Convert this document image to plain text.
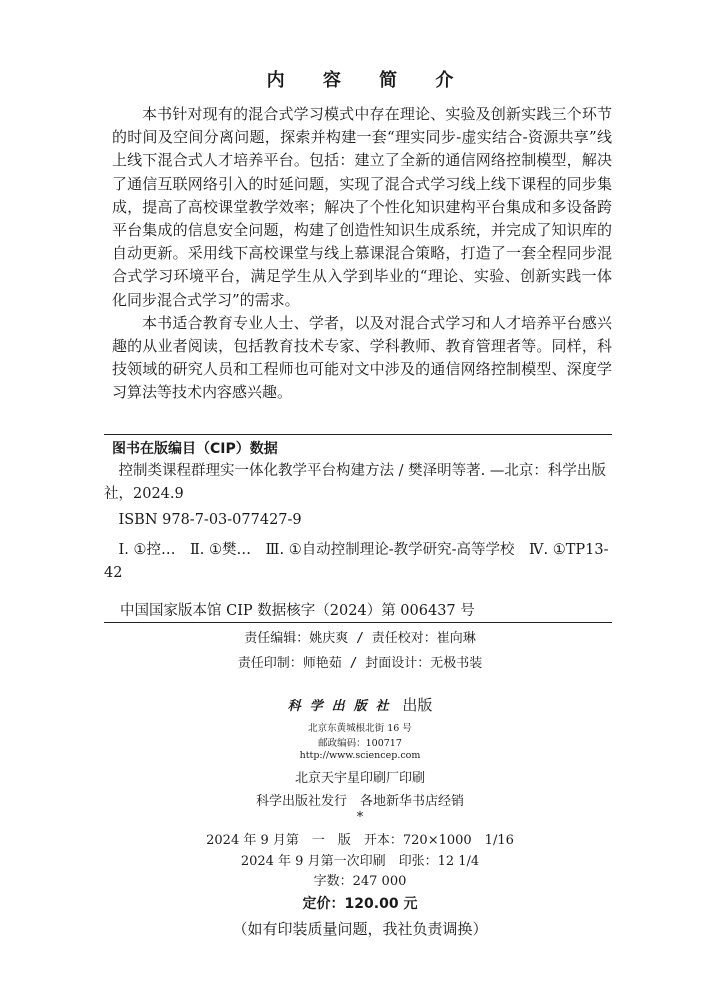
内 容 简 介

本书针对现有的混合式学习模式中存在理论、实验及创新实践三个环节的时间及空间分离问题，探索并构建一套“理实同步-虚实结合-资源共享”线上线下混合式人才培养平台。包括：建立了全新的通信网络控制模型，解决了通信互联网络引入的时延问题，实现了混合式学习线上线下课程的同步集成，提高了高校课堂教学效率；解决了个性化知识建构平台集成和多设备跨平台集成的信息安全问题，构建了创造性知识生成系统，并完成了知识库的自动更新。采用线下高校课堂与线上慕课混合策略，打造了一套全程同步混合式学习环境平台，满足学生从入学到毕业的“理论、实验、创新实践一体化同步混合式学习”的需求。

本书适合教育专业人士、学者，以及对混合式学习和人才培养平台感兴趣的从业者阅读，包括教育技术专家、学科教师、教育管理者等。同样，科技领域的研究人员和工程师也可能对文中涉及的通信网络控制模型、深度学习算法等技术内容感兴趣。

图书在版编目（CIP）数据

控制类课程群理实一体化教学平台构建方法 / 樊泽明等著. —北京：科学出版社，2024.9

ISBN 978-7-03-077427-9

Ⅰ. ①控…　Ⅱ. ①樊…　Ⅲ. ①自动控制理论-教学研究-高等学校　Ⅳ. ①TP13-42

中国国家版本馆 CIP 数据核字（2024）第 006437 号
责任编辑：姚庆爽 / 责任校对：崔向琳
责任印制：师艳茹 / 封面设计：无极书装
科学出版社 出版
北京东黄城根北街 16 号
邮政编码：100717
http://www.sciencep.com
北京天宇星印刷厂印刷
科学出版社发行　各地新华书店经销
*
2024 年 9 月第　一　版　开本：720×1000　1/16
2024 年 9 月第一次印刷　印张：12 1/4
字数：247 000
定价：120.00 元
（如有印装质量问题，我社负责调换）
